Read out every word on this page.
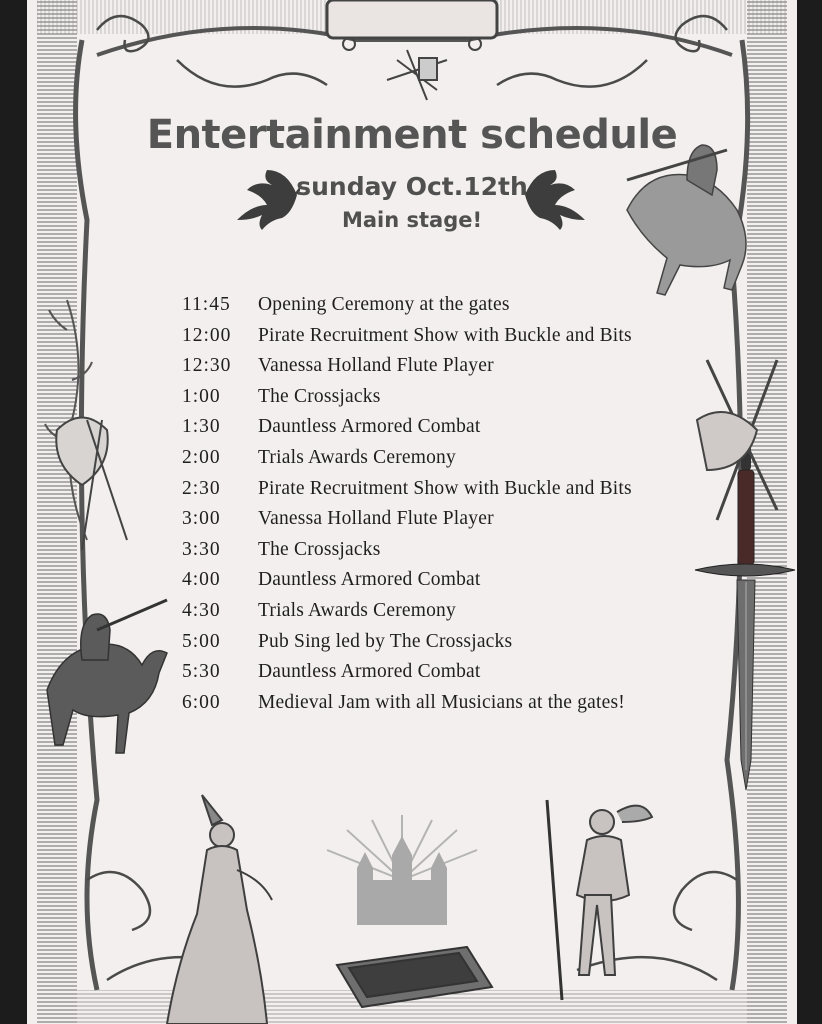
Entertainment schedule
sunday Oct.12th
Main stage!
11:45	Opening Ceremony at the gates
12:00	Pirate Recruitment Show with Buckle and Bits
12:30	Vanessa Holland Flute Player
1:00	The Crossjacks
1:30	Dauntless Armored Combat
2:00	Trials Awards Ceremony
2:30	Pirate Recruitment Show with Buckle and Bits
3:00	Vanessa Holland Flute Player
3:30	The Crossjacks
4:00	Dauntless Armored Combat
4:30	Trials Awards Ceremony
5:00	Pub Sing led by The Crossjacks
5:30	Dauntless Armored Combat
6:00	Medieval Jam with all Musicians at the gates!
